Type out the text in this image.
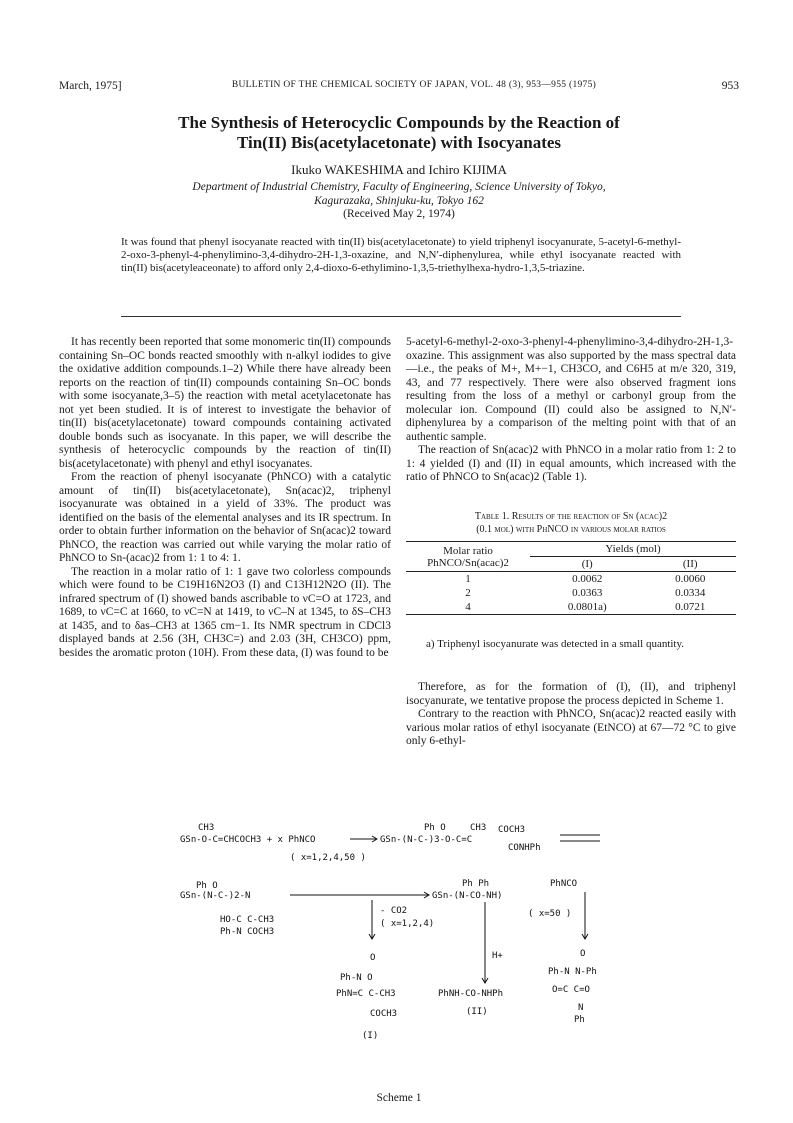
March, 1975]	BULLETIN OF THE CHEMICAL SOCIETY OF JAPAN, VOL. 48 (3), 953—955 (1975)	953
The Synthesis of Heterocyclic Compounds by the Reaction of
Tin(II) Bis(acetylacetonate) with Isocyanates
Ikuko WAKESHIMA and Ichiro KIJIMA
Department of Industrial Chemistry, Faculty of Engineering, Science University of Tokyo,
Kagurazaka, Shinjuku-ku, Tokyo 162
(Received May 2, 1974)
It was found that phenyl isocyanate reacted with tin(II) bis(acetylacetonate) to yield triphenyl isocyanurate, 5-acetyl-6-methyl-2-oxo-3-phenyl-4-phenylimino-3,4-dihydro-2H-1,3-oxazine, and N,N′-diphenylurea, while ethyl isocyanate reacted with tin(II) bis(acetyleaceonate) to afford only 2,4-dioxo-6-ethylimino-1,3,5-triethylhexa-hydro-1,3,5-triazine.

It has recently been reported that some monomeric tin(II) compounds containing Sn–OC bonds reacted smoothly with n-alkyl iodides to give the oxidative addition compounds.1–2) While there have already been reports on the reaction of tin(II) compounds containing Sn–OC bonds with some isocyanate,3–5) the reaction with metal acetylacetonate has not yet been studied. It is of interest to investigate the behavior of tin(II) bis(acetylacetonate) toward compounds containing activated double bonds such as isocyanate. In this paper, we will describe the synthesis of heterocyclic compounds by the reaction of tin(II) bis(acetylacetonate) with phenyl and ethyl isocyanates.

From the reaction of phenyl isocyanate (PhNCO) with a catalytic amount of tin(II) bis(acetylacetonate), Sn(acac)2, triphenyl isocyanurate was obtained in a yield of 33%. The product was identified on the basis of the elemental analyses and its IR spectrum. In order to obtain further information on the behavior of Sn(acac)2 toward PhNCO, the reaction was carried out while varying the molar ratio of PhNCO to Sn-(acac)2 from 1: 1 to 4: 1.

The reaction in a molar ratio of 1: 1 gave two colorless compounds which were found to be C19H16N2O3 (I) and C13H12N2O (II). The infrared spectrum of (I) showed bands ascribable to νC=O at 1723, and 1689, to νC=C at 1660, to νC=N at 1419, to νC–N at 1345, to δS–CH3 at 1435, and to δas–CH3 at 1365 cm−1. Its NMR spectrum in CDCl3 displayed bands at 2.56 (3H, CH3C=) and 2.03 (3H, CH3CO) ppm, besides the aromatic proton (10H). From these data, (I) was found to be

5-acetyl-6-methyl-2-oxo-3-phenyl-4-phenylimino-3,4-dihydro-2H-1,3-oxazine. This assignment was also supported by the mass spectral data—i.e., the peaks of M+, M+−1, CH3CO, and C6H5 at m/e 320, 319, 43, and 77 respectively. There were also observed fragment ions resulting from the loss of a methyl or carbonyl group from the molecular ion. Compound (II) could also be assigned to N,N′-diphenylurea by a comparison of the melting point with that of an authentic sample.

The reaction of Sn(acac)2 with PhNCO in a molar ratio from 1: 2 to 1: 4 yielded (I) and (II) in equal amounts, which increased with the ratio of PhNCO to Sn(acac)2 (Table 1).

Table 1. Results of the reaction of Sn (acac)2
(0.1 mol) with PhNCO in various molar ratios
Molar ratio
PhNCO/Sn(acac)2	Yields (mol)	
	(I)	(II)
1	0.0062	0.0060
2	0.0363	0.0334
4	0.0801a)	0.0721
a) Triphenyl isocyanurate was detected in a small quantity.

Therefore, as for the formation of (I), (II), and triphenyl isocyanurate, we tentative propose the process depicted in Scheme 1.

Contrary to the reaction with PhNCO, Sn(acac)2 reacted easily with various molar ratios of ethyl isocyanate (EtNCO) at 67—72 °C to give only 6-ethyl-

CH3
GSn-O-C=CHCOCH3 + x PhNCO
Ph O	CH3 COCH3
GSn-(N-C-)3-O-C=C
CONHPh
( x=1,2,4,50 )
Ph O
GSn-(N-C-)2-N
HO-C C-CH3
Ph-N COCH3
Ph Ph
GSn-(N-CO-NH)
PhNCO
- CO2
( x=1,2,4)
H+
( x=50 )
O
Ph-N O
PhN=C C-CH3
COCH3
(I)
PhNH-CO-NHPh
(II)
O
Ph-N N-Ph
O=C C=O
N
Ph
Scheme 1
